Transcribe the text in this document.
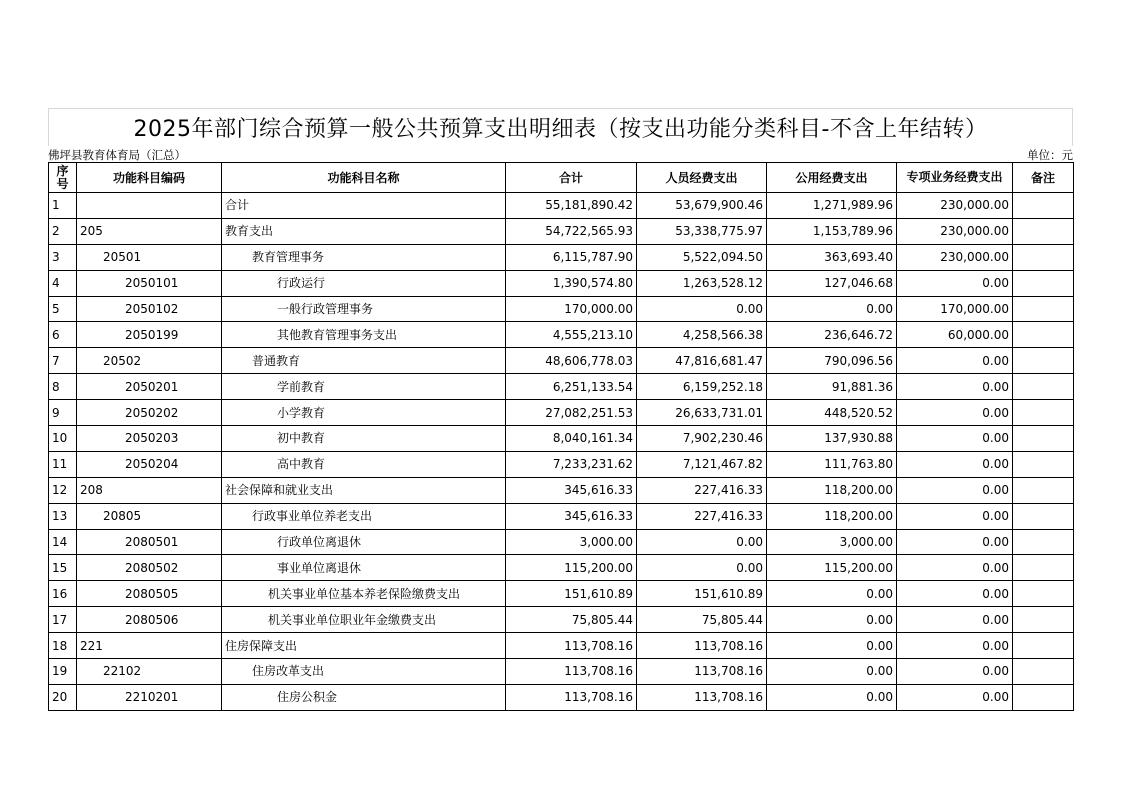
2025年部门综合预算一般公共预算支出明细表（按支出功能分类科目-不含上年结转）
佛坪县教育体育局（汇总）	单位：元
序号	功能科目编码	功能科目名称	合计	人员经费支出	公用经费支出	专项业务经费支出	备注
1		合计	55,181,890.42	53,679,900.46	1,271,989.96	230,000.00	
2	205	教育支出	54,722,565.93	53,338,775.97	1,153,789.96	230,000.00	
3	20501	教育管理事务	6,115,787.90	5,522,094.50	363,693.40	230,000.00	
4	2050101	行政运行	1,390,574.80	1,263,528.12	127,046.68	0.00	
5	2050102	一般行政管理事务	170,000.00	0.00	0.00	170,000.00	
6	2050199	其他教育管理事务支出	4,555,213.10	4,258,566.38	236,646.72	60,000.00	
7	20502	普通教育	48,606,778.03	47,816,681.47	790,096.56	0.00	
8	2050201	学前教育	6,251,133.54	6,159,252.18	91,881.36	0.00	
9	2050202	小学教育	27,082,251.53	26,633,731.01	448,520.52	0.00	
10	2050203	初中教育	8,040,161.34	7,902,230.46	137,930.88	0.00	
11	2050204	高中教育	7,233,231.62	7,121,467.82	111,763.80	0.00	
12	208	社会保障和就业支出	345,616.33	227,416.33	118,200.00	0.00	
13	20805	行政事业单位养老支出	345,616.33	227,416.33	118,200.00	0.00	
14	2080501	行政单位离退休	3,000.00	0.00	3,000.00	0.00	
15	2080502	事业单位离退休	115,200.00	0.00	115,200.00	0.00	
16	2080505	机关事业单位基本养老保险缴费支出	151,610.89	151,610.89	0.00	0.00	
17	2080506	机关事业单位职业年金缴费支出	75,805.44	75,805.44	0.00	0.00	
18	221	住房保障支出	113,708.16	113,708.16	0.00	0.00	
19	22102	住房改革支出	113,708.16	113,708.16	0.00	0.00	
20	2210201	住房公积金	113,708.16	113,708.16	0.00	0.00	
